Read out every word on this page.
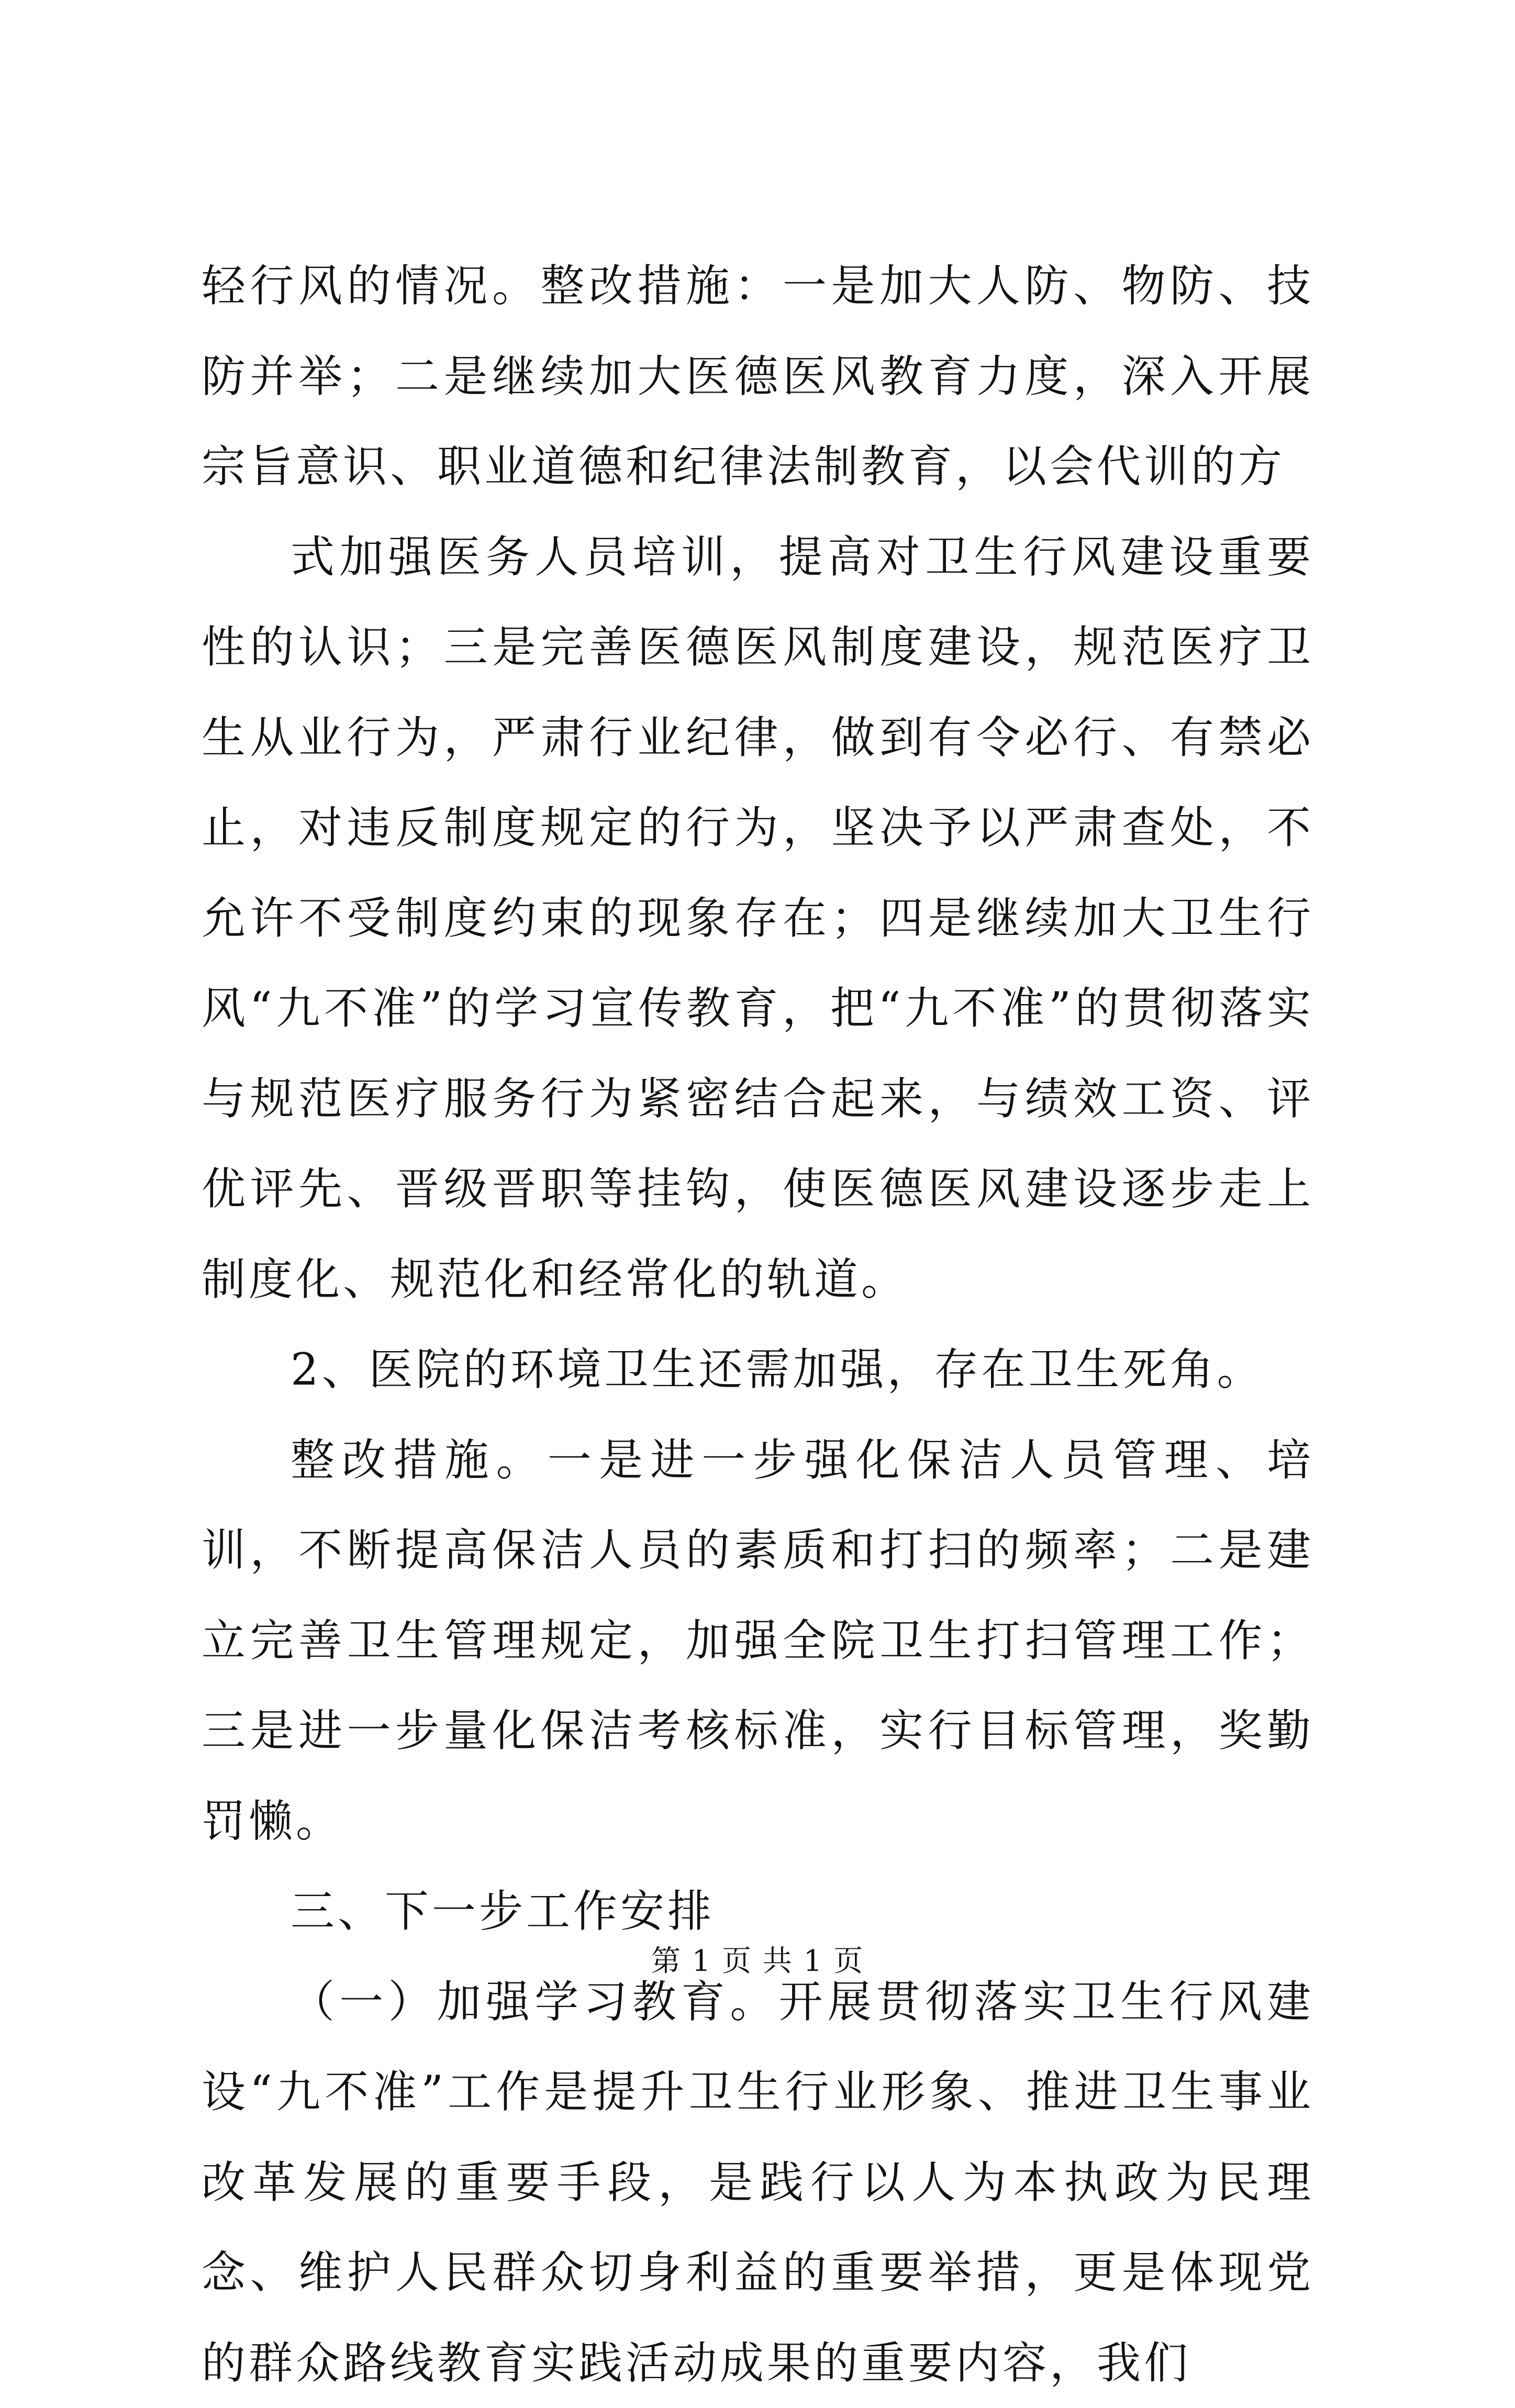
轻行风的情况。整改措施：一是加大人防、物防、技防并举；二是继续加大医德医风教育力度，深入开展宗旨意识、职业道德和纪律法制教育，以会代训的方

式加强医务人员培训，提高对卫生行风建设重要性的认识；三是完善医德医风制度建设，规范医疗卫生从业行为，严肃行业纪律，做到有令必行、有禁必止，对违反制度规定的行为，坚决予以严肃查处，不允许不受制度约束的现象存在；四是继续加大卫生行风“九不准”的学习宣传教育，把“九不准”的贯彻落实与规范医疗服务行为紧密结合起来，与绩效工资、评优评先、晋级晋职等挂钩，使医德医风建设逐步走上制度化、规范化和经常化的轨道。

2、医院的环境卫生还需加强，存在卫生死角。

整改措施。一是进一步强化保洁人员管理、培训，不断提高保洁人员的素质和打扫的频率；二是建立完善卫生管理规定，加强全院卫生打扫管理工作；三是进一步量化保洁考核标准，实行目标管理，奖勤罚懒。

三、下一步工作安排

（一）加强学习教育。开展贯彻落实卫生行风建设“九不准”工作是提升卫生行业形象、推进卫生事业改革发展的重要手段，是践行以人为本执政为民理念、维护人民群众切身利益的重要举措，更是体现党的群众路线教育实践活动成果的重要内容，我们

第 1 页 共 1 页
